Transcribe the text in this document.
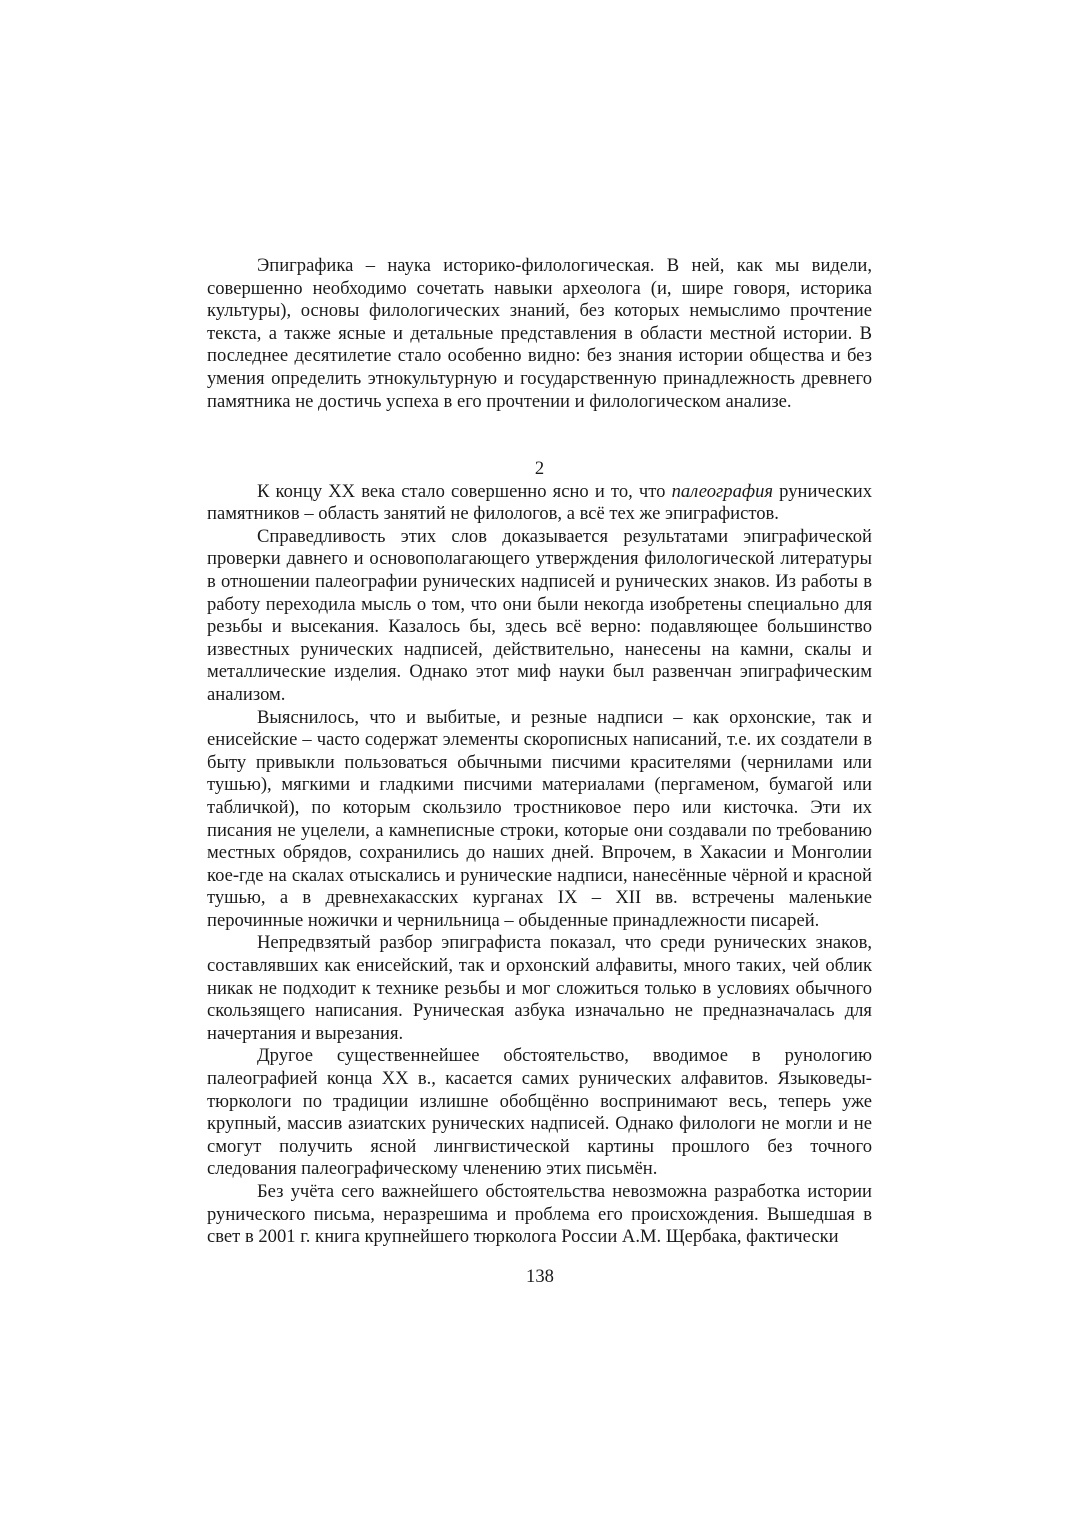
Эпиграфика – наука историко-филологическая. В ней, как мы видели, совершенно необходимо сочетать навыки археолога (и, шире говоря, историка культуры), основы филологических знаний, без которых немыслимо прочтение текста, а также ясные и детальные представления в области местной истории. В последнее десятилетие стало особенно видно: без знания истории общества и без умения определить этнокультурную и государственную принадлежность древнего памятника не достичь успеха в его прочтении и филологическом анализе.

2

К концу XX века стало совершенно ясно и то, что палеография рунических памятников – область занятий не филологов, а всё тех же эпиграфистов.

Справедливость этих слов доказывается результатами эпиграфической проверки давнего и основополагающего утверждения филологической литературы в отношении палеографии рунических надписей и рунических знаков. Из работы в работу переходила мысль о том, что они были некогда изобретены специально для резьбы и высекания. Казалось бы, здесь всё верно: подавляющее большинство известных рунических надписей, действительно, нанесены на камни, скалы и металлические изделия. Однако этот миф науки был развенчан эпиграфическим анализом.

Выяснилось, что и выбитые, и резные надписи – как орхонские, так и енисейские – часто содержат элементы скорописных написаний, т.е. их создатели в быту привыкли пользоваться обычными писчими красителями (чернилами или тушью), мягкими и гладкими писчими материалами (пергаменом, бумагой или табличкой), по которым скользило тростниковое перо или кисточка. Эти их писания не уцелели, а камнеписные строки, которые они создавали по требованию местных обрядов, сохранились до наших дней. Впрочем, в Хакасии и Монголии кое-где на скалах отыскались и рунические надписи, нанесённые чёрной и красной тушью, а в древнехакасских курганах IX – XII вв. встречены маленькие перочинные ножички и чернильница – обыденные принадлежности писарей.

Непредвзятый разбор эпиграфиста показал, что среди рунических знаков, составлявших как енисейский, так и орхонский алфавиты, много таких, чей облик никак не подходит к технике резьбы и мог сложиться только в условиях обычного скользящего написания. Руническая азбука изначально не предназначалась для начертания и вырезания.

Другое существеннейшее обстоятельство, вводимое в рунологию палеографией конца XX в., касается самих рунических алфавитов. Языковеды-тюркологи по традиции излишне обобщённо воспринимают весь, теперь уже крупный, массив азиатских рунических надписей. Однако филологи не могли и не смогут получить ясной лингвистической картины прошлого без точного следования палеографическому членению этих письмён.

Без учёта сего важнейшего обстоятельства невозможна разработка истории рунического письма, неразрешима и проблема его происхождения. Вышедшая в свет в 2001 г. книга крупнейшего тюрколога России А.М. Щербака, фактически

138
